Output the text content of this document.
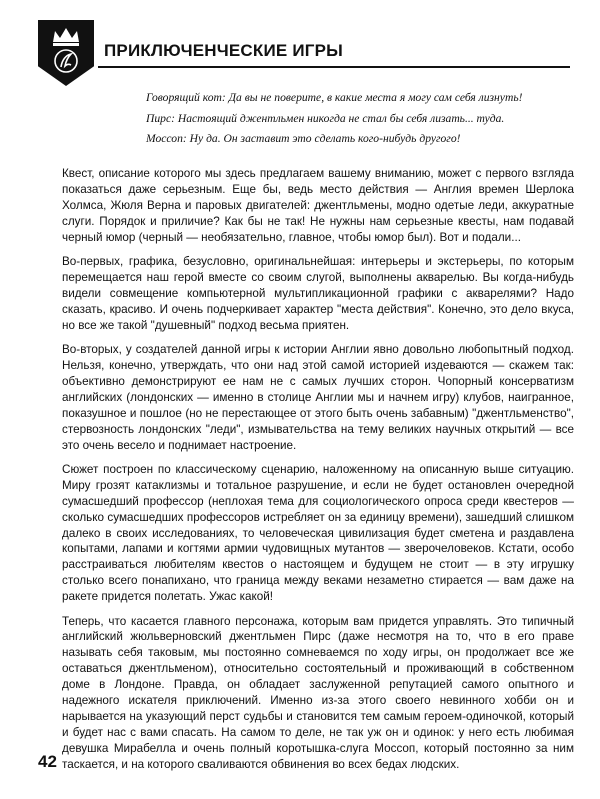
ПРИКЛЮЧЕНЧЕСКИЕ ИГРЫ
Говорящий кот: Да вы не поверите, в какие места я могу сам себя лизнуть!
Пирс: Настоящий джентльмен никогда не стал бы себя лизать... туда.
Моссоп: Ну да. Он заставит это сделать кого-нибудь другого!

Квест, описание которого мы здесь предлагаем вашему вниманию, может с первого взгляда показаться даже серьезным. Еще бы, ведь место действия — Англия времен Шерлока Холмса, Жюля Верна и паровых двигателей: джентльмены, модно одетые леди, аккуратные слуги. Порядок и приличие? Как бы не так! Не нужны нам серьезные квесты, нам подавай черный юмор (черный — необязательно, главное, чтобы юмор был). Вот и подали...

Во-первых, графика, безусловно, оригинальнейшая: интерьеры и экстерьеры, по которым перемещается наш герой вместе со своим слугой, выполнены акварелью. Вы когда-нибудь видели совмещение компьютерной мультипликационной графики с акварелями? Надо сказать, красиво. И очень подчеркивает характер "места действия". Конечно, это дело вкуса, но все же такой "душевный" подход весьма приятен.

Во-вторых, у создателей данной игры к истории Англии явно довольно любопытный подход. Нельзя, конечно, утверждать, что они над этой самой историей издеваются — скажем так: объективно демонстрируют ее нам не с самых лучших сторон. Чопорный консерватизм английских (лондонских — именно в столице Англии мы и начнем игру) клубов, наигранное, показушное и пошлое (но не перестающее от этого быть очень забавным) "джентльменство", стервозность лондонских "леди", измывательства на тему великих научных открытий — все это очень весело и поднимает настроение.

Сюжет построен по классическому сценарию, наложенному на описанную выше ситуацию. Миру грозят катаклизмы и тотальное разрушение, и если не будет остановлен очередной сумасшедший профессор (неплохая тема для социологического опроса среди квестеров — сколько сумасшедших профессоров истребляет он за единицу времени), зашедший слишком далеко в своих исследованиях, то человеческая цивилизация будет сметена и раздавлена копытами, лапами и когтями армии чудовищных мутантов — зверочеловеков. Кстати, особо расстраиваться любителям квестов о настоящем и будущем не стоит — в эту игрушку столько всего понапихано, что граница между веками незаметно стирается — вам даже на ракете придется полетать. Ужас какой!

Теперь, что касается главного персонажа, которым вам придется управлять. Это типичный английский жюльверновский джентльмен Пирс (даже несмотря на то, что в его праве называть себя таковым, мы постоянно сомневаемся по ходу игры, он продолжает все же оставаться джентльменом), относительно состоятельный и проживающий в собственном доме в Лондоне. Правда, он обладает заслуженной репутацией самого опытного и надежного искателя приключений. Именно из-за этого своего невинного хобби он и нарывается на указующий перст судьбы и становится тем самым героем-одиночкой, который и будет нас с вами спасать. На самом то деле, не так уж он и одинок: у него есть любимая девушка Мирабелла и очень полный коротышка-слуга Моссоп, который постоянно за ним таскается, и на которого сваливаются обвинения во всех бедах людских.

42
